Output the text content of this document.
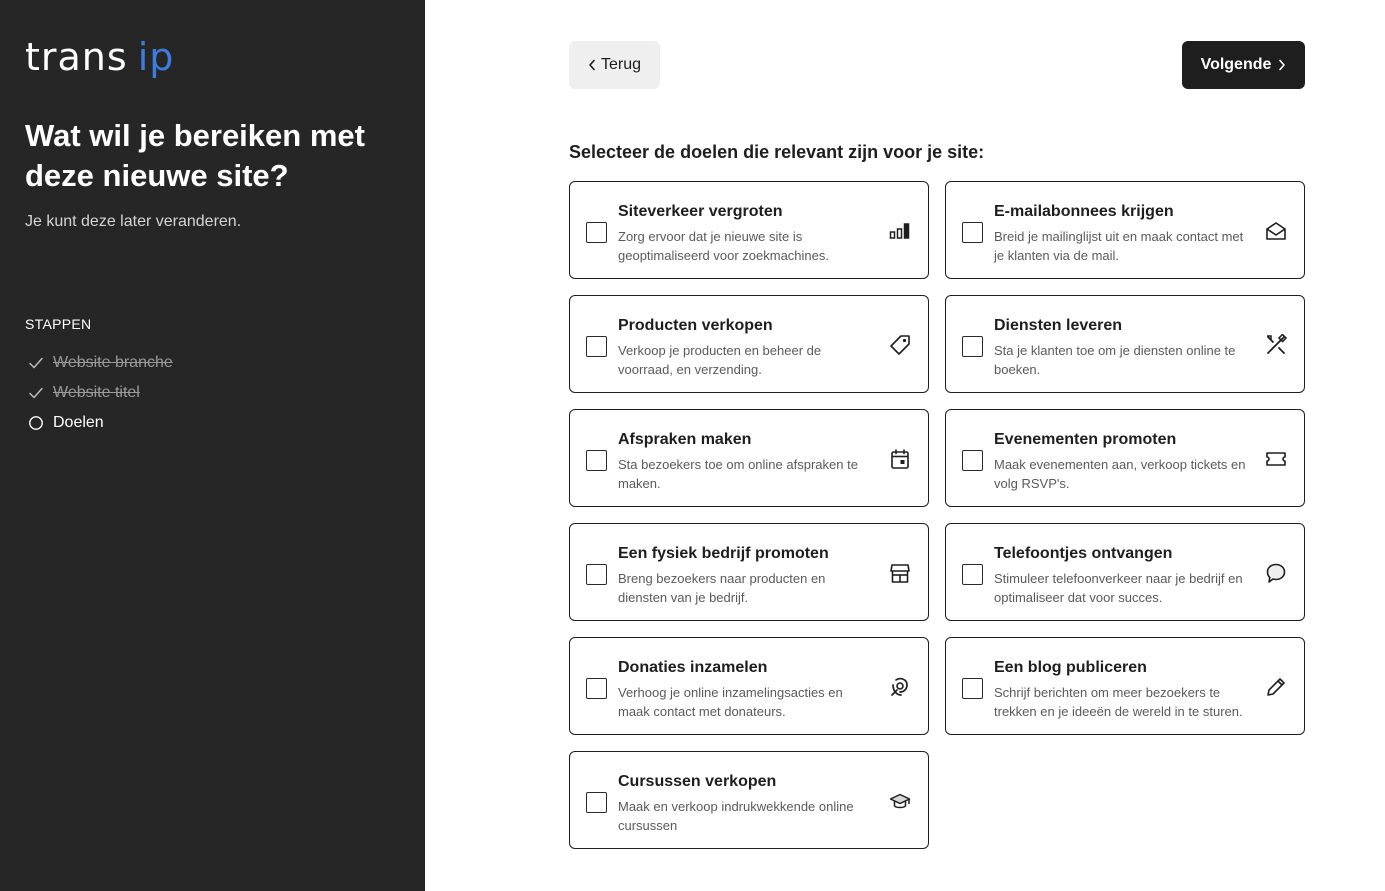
trans ip
Wat wil je bereiken met deze nieuwe site?

Je kunt deze later veranderen.

STAPPEN
Website branche
Website titel
Doelen
Terug	Volgende
Selecteer de doelen die relevant zijn voor je site:
Siteverkeer vergroten
Zorg ervoor dat je nieuwe site is geoptimaliseerd voor zoekmachines.
E-mailabonnees krijgen
Breid je mailinglijst uit en maak contact met je klanten via de mail.
Producten verkopen
Verkoop je producten en beheer de voorraad, en verzending.
Diensten leveren
Sta je klanten toe om je diensten online te boeken.
Afspraken maken
Sta bezoekers toe om online afspraken te maken.
Evenementen promoten
Maak evenementen aan, verkoop tickets en volg RSVP's.
Een fysiek bedrijf promoten
Breng bezoekers naar producten en diensten van je bedrijf.
Telefoontjes ontvangen
Stimuleer telefoonverkeer naar je bedrijf en optimaliseer dat voor succes.
Donaties inzamelen
Verhoog je online inzamelingsacties en maak contact met donateurs.
Een blog publiceren
Schrijf berichten om meer bezoekers te trekken en je ideeën de wereld in te sturen.
Cursussen verkopen
Maak en verkoop indrukwekkende online cursussen
